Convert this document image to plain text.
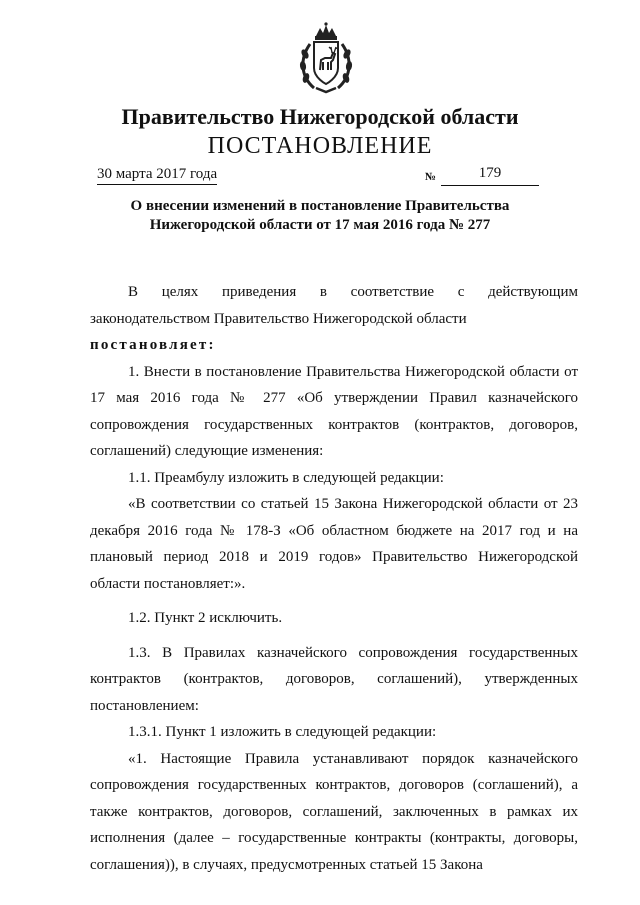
Правительство Нижегородской области
ПОСТАНОВЛЕНИЕ
30 марта 2017 года	№	179
О внесении изменений в постановление Правительства
Нижегородской области от 17 мая 2016 года № 277

В целях приведения в соответствие с действующим законодательством Правительство Нижегородской области

постановляет:

1. Внести в постановление Правительства Нижегородской области от 17 мая 2016 года № 277 «Об утверждении Правил казначейского сопровождения государственных контрактов (контрактов, договоров, соглашений) следующие изменения:

1.1. Преамбулу изложить в следующей редакции:

«В соответствии со статьей 15 Закона Нижегородской области от 23 декабря 2016 года № 178-З «Об областном бюджете на 2017 год и на плановый период 2018 и 2019 годов» Правительство Нижегородской области постановляет:».

1.2. Пункт 2 исключить.

1.3. В Правилах казначейского сопровождения государственных контрактов (контрактов, договоров, соглашений), утвержденных постановлением:

1.3.1. Пункт 1 изложить в следующей редакции:

«1. Настоящие Правила устанавливают порядок казначейского сопровождения государственных контрактов, договоров (соглашений), а также контрактов, договоров, соглашений, заключенных в рамках их исполнения (далее – государственные контракты (контракты, договоры, соглашения)), в случаях, предусмотренных статьей 15 Закона
